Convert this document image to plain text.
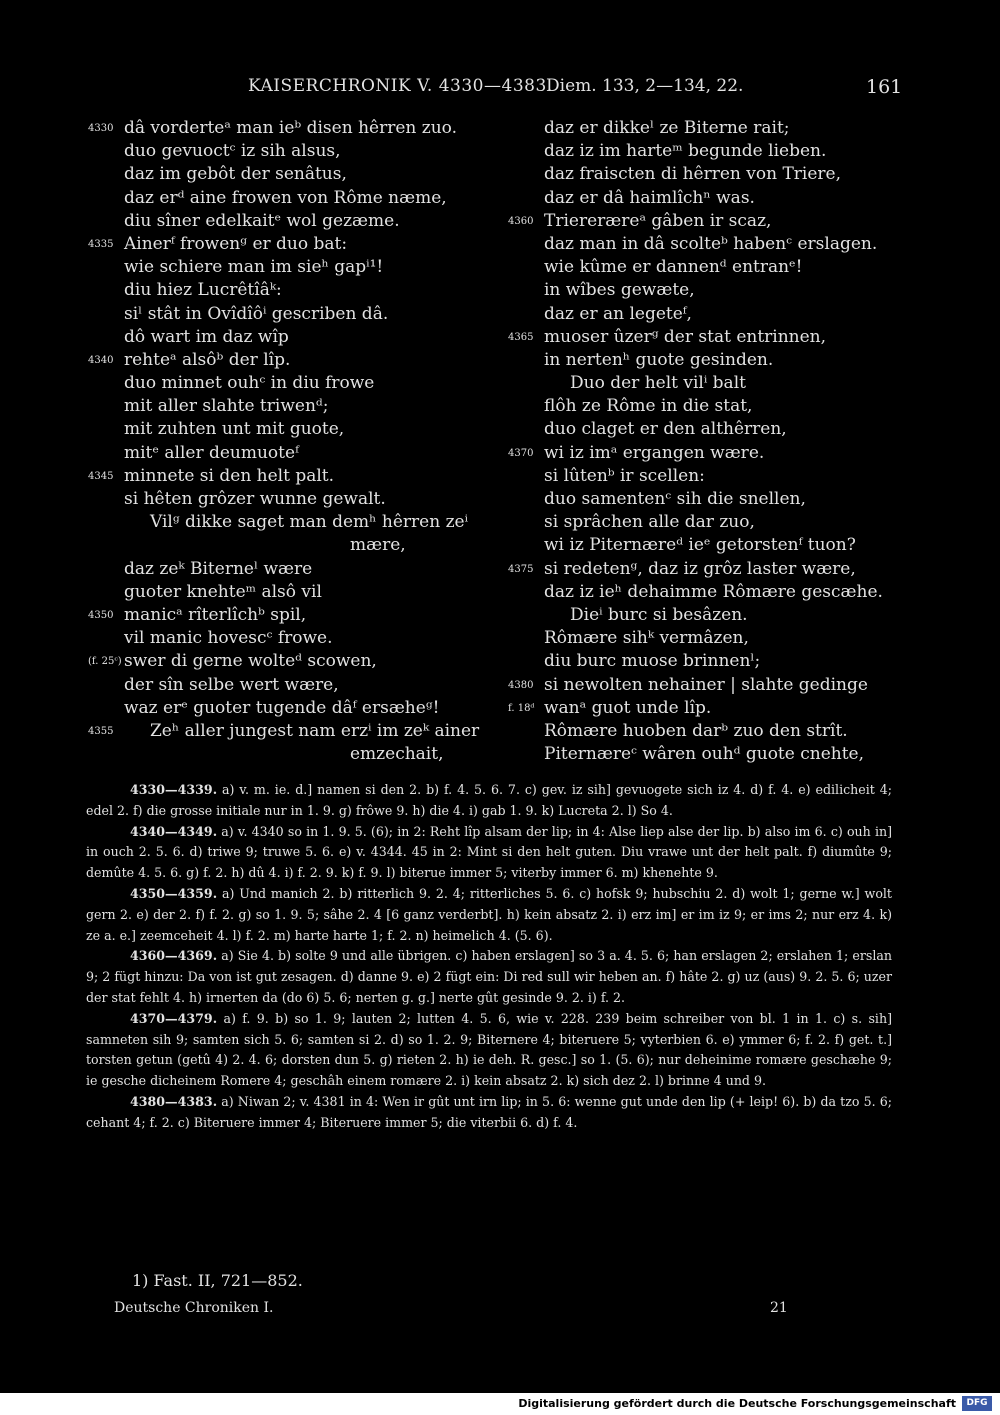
KAISERCHRONIK V. 4330—4383.
Diem. 133, 2—134, 22.	161
4330 dâ vorderteᵃ man ieᵇ disen hêrren zuo.
duo gevuoctᶜ iz sih alsus,
daz im gebôt der senâtus,
daz erᵈ aine frowen von Rôme næme,
diu sîner edelkaitᵉ wol gezæme.
4335 Ainerᶠ frowenᵍ er duo bat:
wie schiere man im sieʰ gapⁱ¹!
diu hiez Lucrêtîâᵏ:
siˡ stât in Ovîdîôⁱ gescriben dâ.
dô wart im daz wîp
4340 rehteᵃ alsôᵇ der lîp.
duo minnet ouhᶜ in diu frowe
mit aller slahte triwenᵈ;
mit zuhten unt mit guote,
mitᵉ aller deumuoteᶠ
4345 minnete si den helt palt.
si hêten grôzer wunne gewalt.
Vilᵍ dikke saget man demʰ hêrren zeⁱ
mære,
daz zeᵏ Biterneˡ wære
guoter knehteᵐ alsô vil
4350 manicᵃ rîterlîchᵇ spil,
vil manic hovescᶜ frowe.
(f. 25ᶜ) swer di gerne wolteᵈ scowen,
der sîn selbe wert wære,
waz erᵉ guoter tugende dâᶠ ersæheᵍ!
4355	Zeʰ aller jungest nam erzⁱ im zeᵏ ainer
emzechait,
daz er dikkeˡ ze Biterne rait;
daz iz im harteᵐ begunde lieben.
daz fraiscten di hêrren von Triere,
daz er dâ haimlîchⁿ was.
4360 Triereræreᵃ gâben ir scaz,
daz man in dâ scolteᵇ habenᶜ erslagen.
wie kûme er dannenᵈ entranᵉ!
in wîbes gewæte,
daz er an legeteᶠ,
4365 muoser ûzerᵍ der stat entrinnen,
in nertenʰ guote gesinden.
Duo der helt vilⁱ balt
flôh ze Rôme in die stat,
duo claget er den althêrren,
4370 wi iz imᵃ ergangen wære.
si lûtenᵇ ir scellen:
duo samentenᶜ sih die snellen,
si sprâchen alle dar zuo,
wi iz Piternæreᵈ ieᵉ getorstenᶠ tuon?
4375 si redetenᵍ, daz iz grôz laster wære,
daz iz ieʰ dehaimme Rômære gescæhe.
Dieⁱ burc si besâzen.
Rômære sihᵏ vermâzen,
diu burc muose brinnenˡ;
4380 si newolten nehainer | slahte gedinge
f. 18ᵈ wanᵃ guot unde lîp.
Rômære huoben darᵇ zuo den strît.
Piternæreᶜ wâren ouhᵈ guote cnehte,

4330—4339. a) v. m. ie. d.] namen si den 2. b) f. 4. 5. 6. 7. c) gev. iz sih] gevuogete sich iz 4. d) f. 4. e) edilicheit 4; edel 2. f) die grosse initiale nur in 1. 9. g) frôwe 9. h) die 4. i) gab 1. 9. k) Lucreta 2. l) So 4.

4340—4349. a) v. 4340 so in 1. 9. 5. (6); in 2: Reht lîp alsam der lip; in 4: Alse liep alse der lip. b) also im 6. c) ouh in] in ouch 2. 5. 6. d) triwe 9; truwe 5. 6. e) v. 4344. 45 in 2: Mint si den helt guten. Diu vrawe unt der helt palt. f) diumûte 9; demûte 4. 5. 6. g) f. 2. h) dû 4. i) f. 2. 9. k) f. 9. l) biterue immer 5; viterby immer 6. m) khenehte 9.

4350—4359. a) Und manich 2. b) ritterlich 9. 2. 4; ritterliches 5. 6. c) hofsk 9; hubschiu 2. d) wolt 1; gerne w.] wolt gern 2. e) der 2. f) f. 2. g) so 1. 9. 5; sâhe 2. 4 [6 ganz verderbt]. h) kein absatz 2. i) erz im] er im iz 9; er ims 2; nur erz 4. k) ze a. e.] zeemceheit 4. l) f. 2. m) harte harte 1; f. 2. n) heimelich 4. (5. 6).

4360—4369. a) Sie 4. b) solte 9 und alle übrigen. c) haben erslagen] so 3 a. 4. 5. 6; han erslagen 2; erslahen 1; erslan 9; 2 fügt hinzu: Da von ist gut zesagen. d) danne 9. e) 2 fügt ein: Di red sull wir heben an. f) hâte 2. g) uz (aus) 9. 2. 5. 6; uzer der stat fehlt 4. h) irnerten da (do 6) 5. 6; nerten g. g.] nerte gût gesinde 9. 2. i) f. 2.

4370—4379. a) f. 9. b) so 1. 9; lauten 2; lutten 4. 5. 6, wie v. 228. 239 beim schreiber von bl. 1 in 1. c) s. sih] samneten sih 9; samten sich 5. 6; samten si 2. d) so 1. 2. 9; Biternere 4; biteruere 5; vyterbien 6. e) ymmer 6; f. 2. f) get. t.] torsten getun (getû 4) 2. 4. 6; dorsten dun 5. g) rieten 2. h) ie deh. R. gesc.] so 1. (5. 6); nur deheinime romære geschæhe 9; ie gesche dicheinem Romere 4; geschâh einem romære 2. i) kein absatz 2. k) sich dez 2. l) brinne 4 und 9.

4380—4383. a) Niwan 2; v. 4381 in 4: Wen ir gût unt irn lip; in 5. 6: wenne gut unde den lip (+ leip! 6). b) da tzo 5. 6; cehant 4; f. 2. c) Biteruere immer 4; Biteruere immer 5; die viterbii 6. d) f. 4.

1) Fast. II, 721—852.
Deutsche Chroniken I.	21
Digitalisierung gefördert durch die Deutsche Forschungsgemeinschaft	DFG
